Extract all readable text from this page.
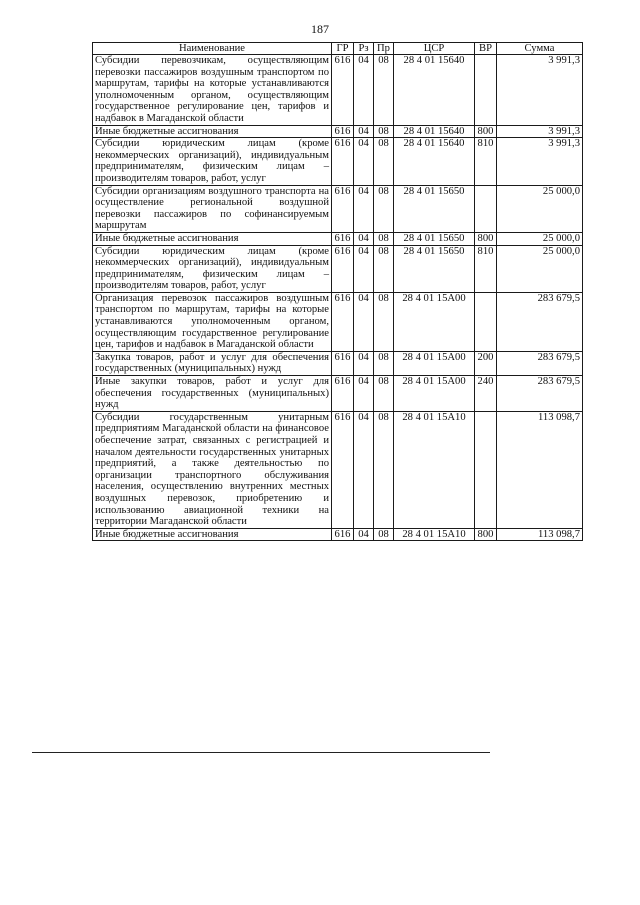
187
Наименование	ГР	Рз	Пр	ЦСР	ВР	Сумма
Субсидии перевозчикам, осуществляющим перевозки пассажиров воздушным транспортом по маршрутам, тарифы на которые устанавливаются уполномоченным органом, осуществляющим государственное регулирование цен, тарифов и надбавок в Магаданской области	616	04	08	28 4 01 15640		3 991,3
Иные бюджетные ассигнования	616	04	08	28 4 01 15640	800	3 991,3
Субсидии юридическим лицам (кроме некоммерческих организаций), индивидуальным предпринимателям, физическим лицам – производителям товаров, работ, услуг	616	04	08	28 4 01 15640	810	3 991,3
Субсидии организациям воздушного транспорта на осуществление региональной воздушной перевозки пассажиров по софинансируемым маршрутам	616	04	08	28 4 01 15650		25 000,0
Иные бюджетные ассигнования	616	04	08	28 4 01 15650	800	25 000,0
Субсидии юридическим лицам (кроме некоммерческих организаций), индивидуальным предпринимателям, физическим лицам – производителям товаров, работ, услуг	616	04	08	28 4 01 15650	810	25 000,0
Организация перевозок пассажиров воздушным транспортом по маршрутам, тарифы на которые устанавливаются уполномоченным органом, осуществляющим государственное регулирование цен, тарифов и надбавок в Магаданской области	616	04	08	28 4 01 15А00		283 679,5
Закупка товаров, работ и услуг для обеспечения государственных (муниципальных) нужд	616	04	08	28 4 01 15А00	200	283 679,5
Иные закупки товаров, работ и услуг для обеспечения государственных (муниципальных) нужд	616	04	08	28 4 01 15А00	240	283 679,5
Субсидии государственным унитарным предприятиям Магаданской области на финансовое обеспечение затрат, связанных с регистрацией и началом деятельности государственных унитарных предприятий, а также деятельностью по организации транспортного обслуживания населения, осуществлению внутренних местных воздушных перевозок, приобретению и использованию авиационной техники на территории Магаданской области	616	04	08	28 4 01 15А10		113 098,7
Иные бюджетные ассигнования	616	04	08	28 4 01 15А10	800	113 098,7
